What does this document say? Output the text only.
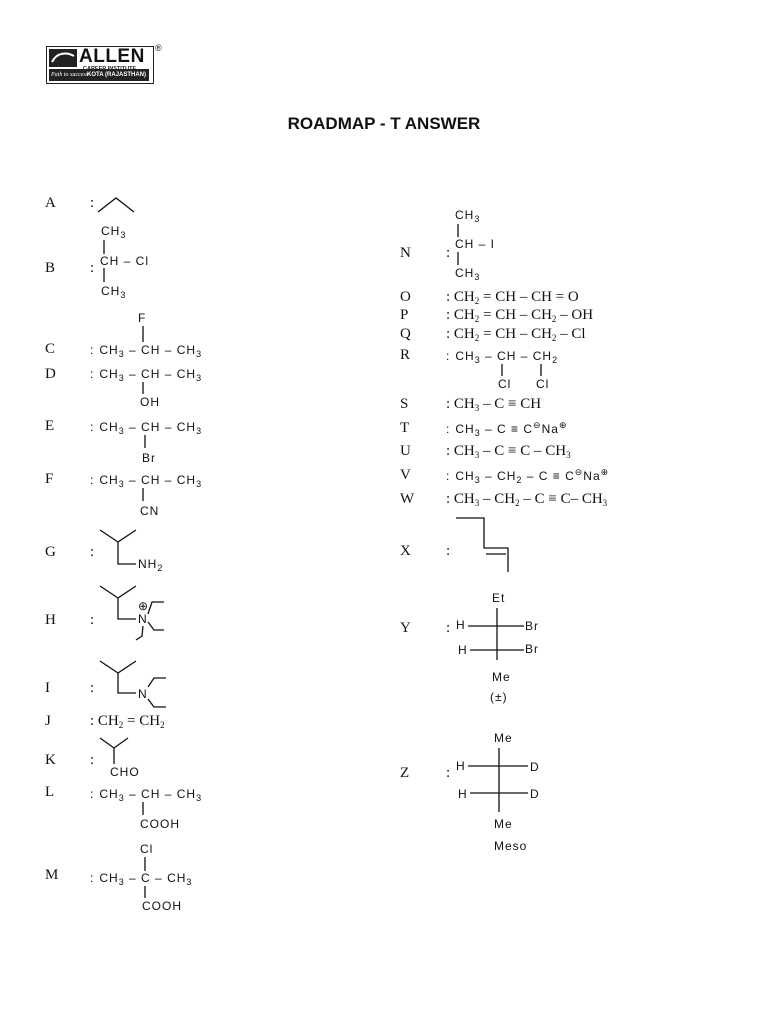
ALLEN ®
CAREER INSTITUTE
Path to success KOTA (RAJASTHAN)
ROADMAP - T ANSWER
A :
B :
$CH_3$
CH – Cl
$CH_3$
C
F
: $CH_3$ – CH – $CH_3$
D	: $CH_3$ – CH – $CH_3$
OH
E	: $CH_3$ – CH – $CH_3$
Br
F	: $CH_3$ – CH – $CH_3$
CN
G :
$NH_2$
H :
⊕
N
I	:	N
J	: $CH_2 = CH_2$
K :
CHO
L	: $CH_3$ – CH – $CH_3$
COOH
M
Cl
: $CH_3$ – C – $CH_3$
COOH
N :
$CH_3$
CH – I
$CH_3$
O : $CH_2$ = CH – CH = O
P	: $CH_2$ = CH – $CH_2$ – OH
Q : $CH_2$ = CH – $CH_2$ – Cl
R	: $CH_3$ – CH – $CH_2$
Cl Cl
S	: $CH_3$ – C ≡ CH
T	: $CH_3 - C \equiv C^⊖Na^\oplus$
U : $CH_3 - C \equiv C - CH_3$
V	: $CH_3 - CH_2 - C \equiv C^⊖Na^\oplus$
W : $CH_3 - CH_2 - C \equiv C-$ $CH_3$
X :
Y :
Et
H	Br
H	Br
Me
(±)
Z :
Me
H	D
H	D
Me
Meso
